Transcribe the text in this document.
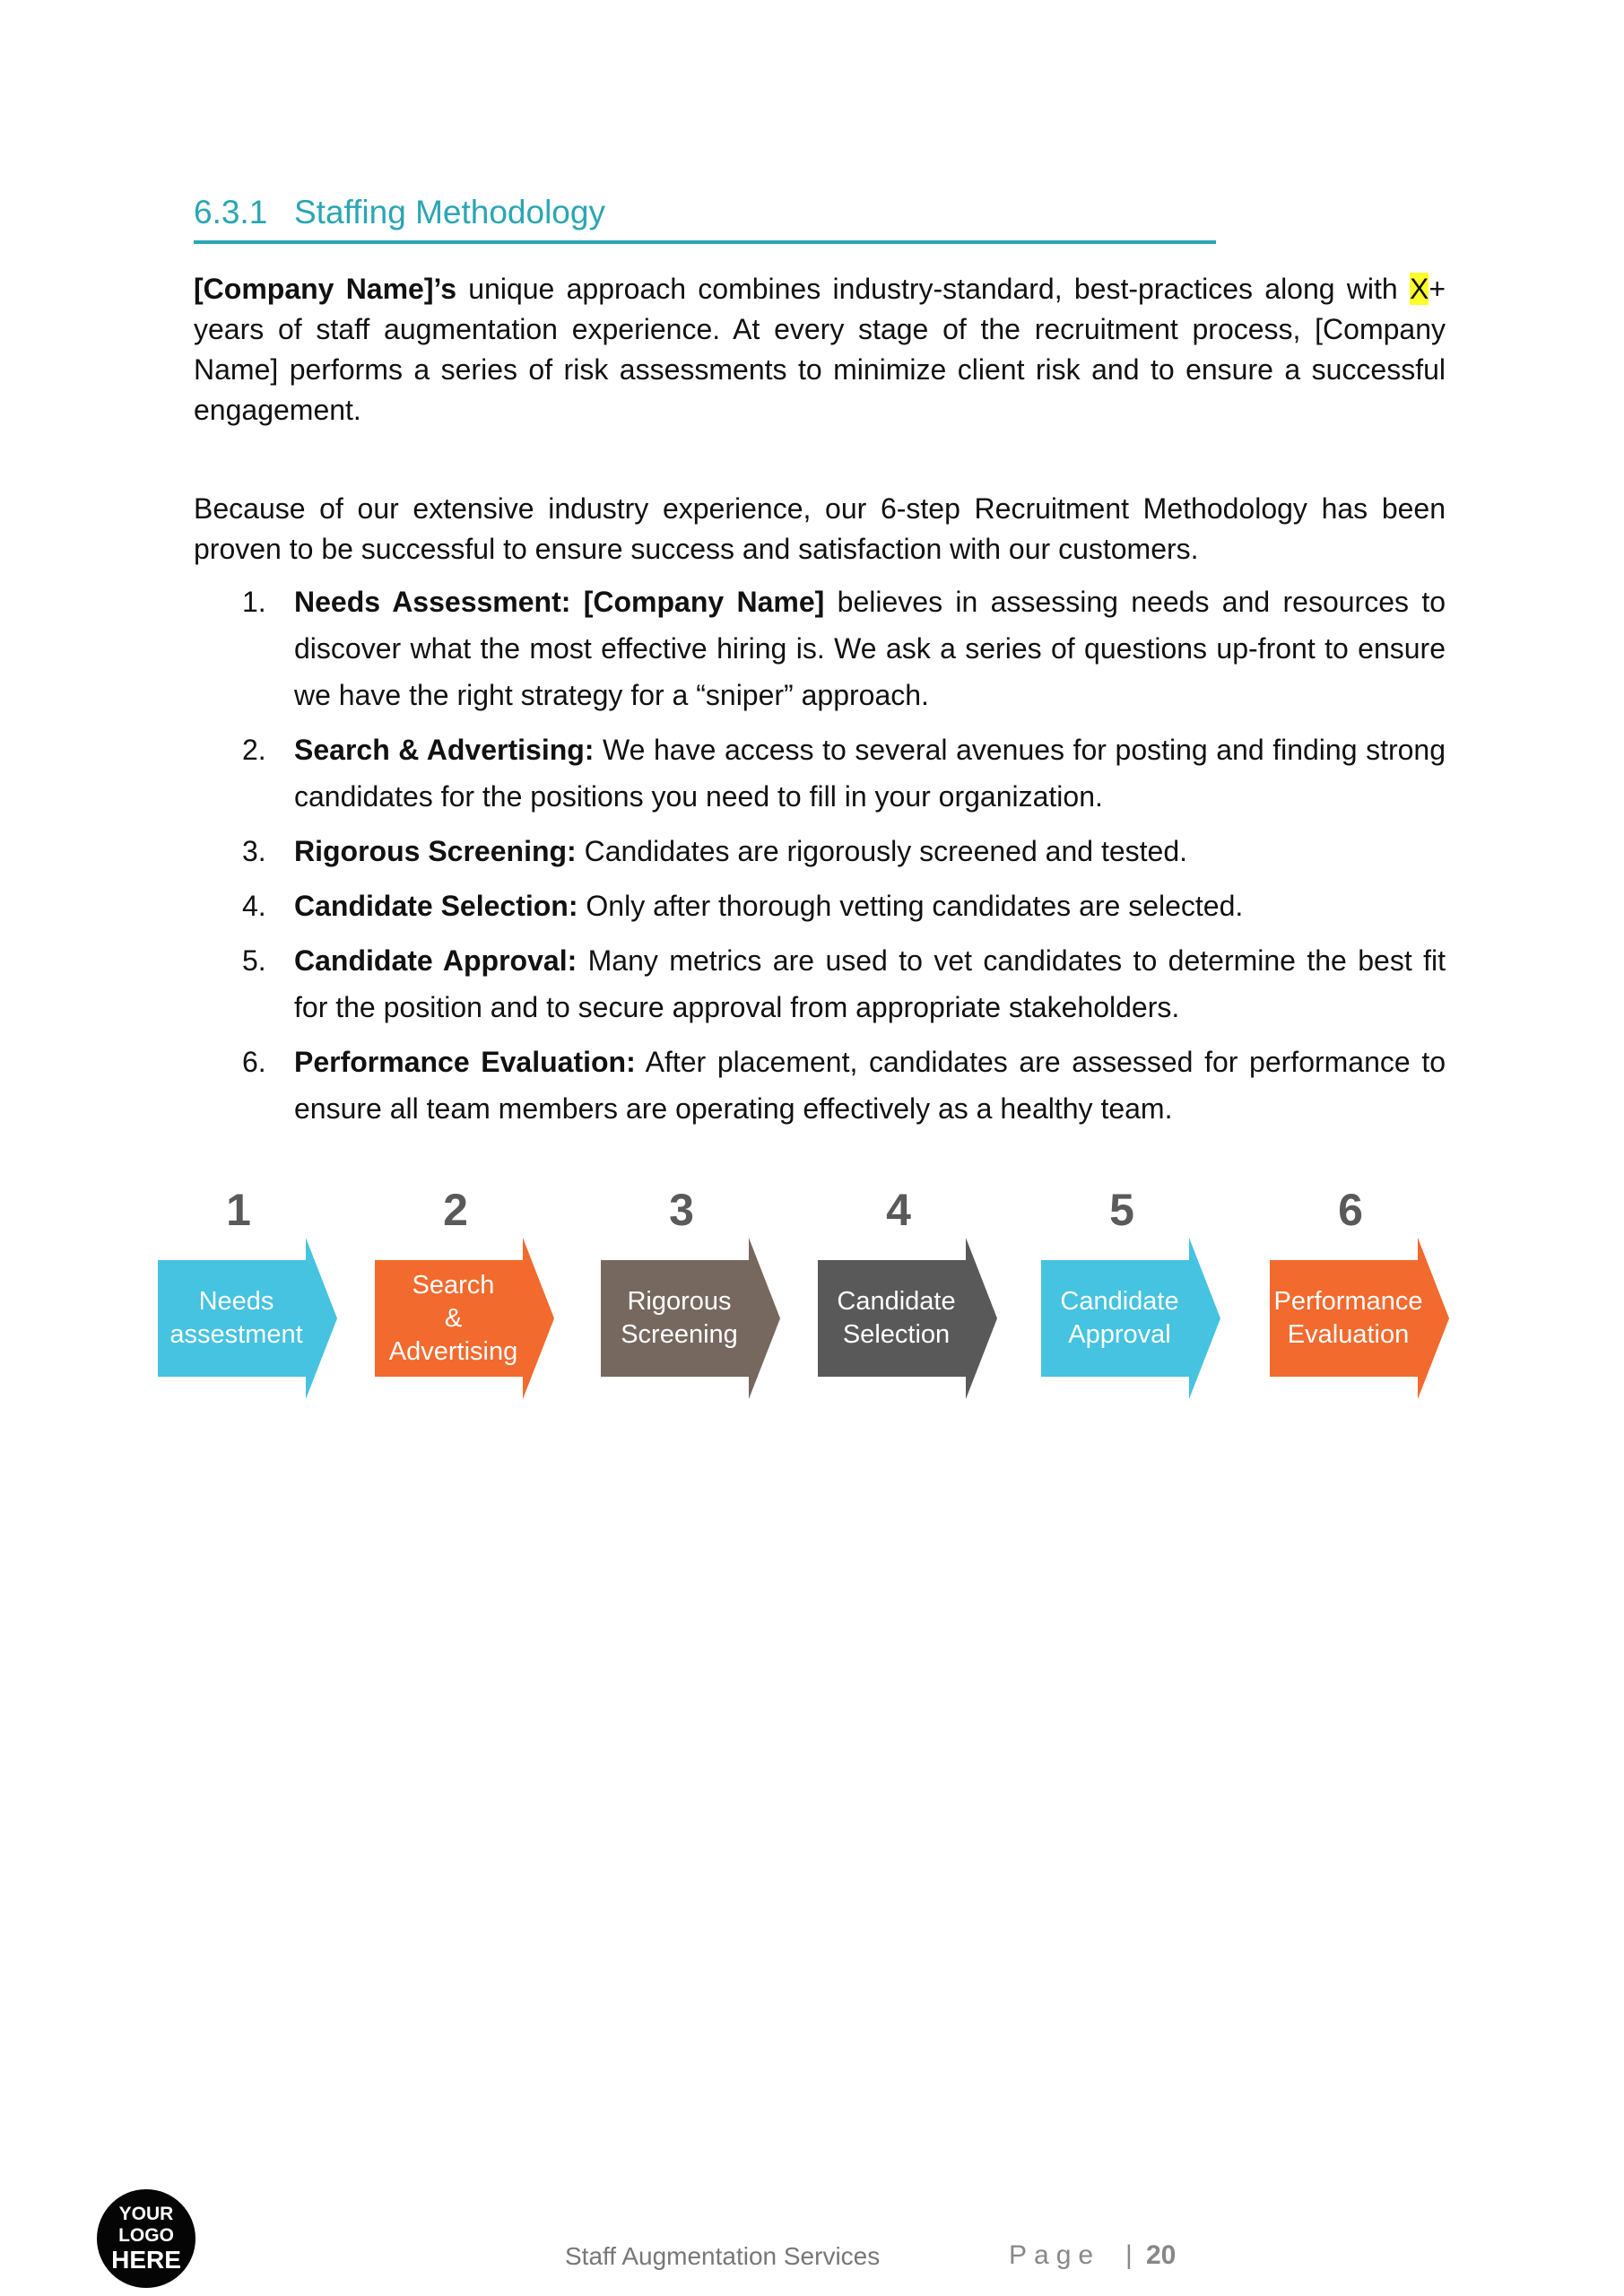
6.3.1 Staffing Methodology

[Company Name]’s unique approach combines industry-standard, best-practices along with X+ years of staff augmentation experience. At every stage of the recruitment process, [Company Name] performs a series of risk assessments to minimize client risk and to ensure a successful engagement.

Because of our extensive industry experience, our 6-step Recruitment Methodology has been proven to be successful to ensure success and satisfaction with our customers.

1. Needs Assessment: [Company Name] believes in assessing needs and resources to discover what the most effective hiring is. We ask a series of questions up-front to ensure we have the right strategy for a “sniper” approach.
2. Search & Advertising: We have access to several avenues for posting and finding strong candidates for the positions you need to fill in your organization.
3. Rigorous Screening: Candidates are rigorously screened and tested.
4. Candidate Selection: Only after thorough vetting candidates are selected.
5. Candidate Approval: Many metrics are used to vet candidates to determine the best fit for the position and to secure approval from appropriate stakeholders.
6. Performance Evaluation: After placement, candidates are assessed for performance to ensure all team members are operating effectively as a healthy team.
1
Needs
assestment
2
Search
&
Advertising
3
Rigorous
Screening
4
Candidate
Selection
5
Candidate
Approval
6
Performance
Evaluation
YOUR
LOGO
HERE	Staff Augmentation Services	Page | 20
